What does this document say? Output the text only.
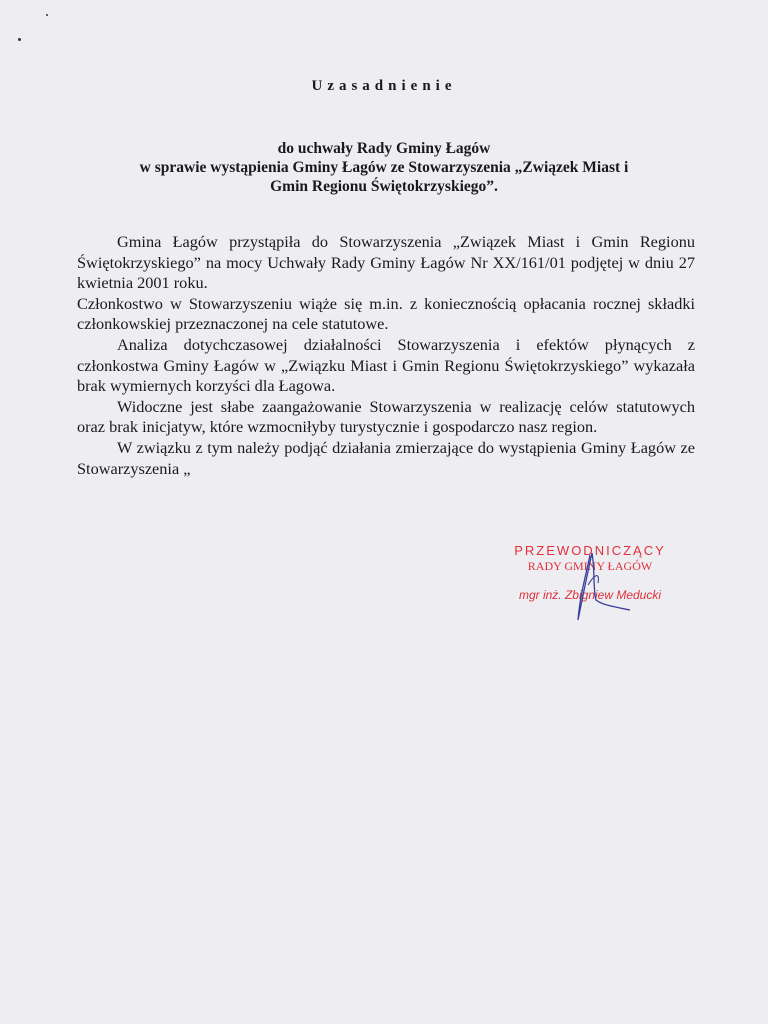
Uzasadnienie
do uchwały Rady Gminy Łagów
w sprawie wystąpienia Gminy Łagów ze Stowarzyszenia „Związek Miast i
Gmin Regionu Świętokrzyskiego”.

Gmina Łagów przystąpiła do Stowarzyszenia „Związek Miast i Gmin Regionu Świętokrzyskiego” na mocy Uchwały Rady Gminy Łagów Nr XX/161/01 podjętej w dniu 27 kwietnia 2001 roku.

Członkostwo w Stowarzyszeniu wiąże się m.in. z koniecznością opłacania rocznej składki członkowskiej przeznaczonej na cele statutowe.

Analiza dotychczasowej działalności Stowarzyszenia i efektów płynących z członkostwa Gminy Łagów w „Związku Miast i Gmin Regionu Świętokrzyskiego” wykazała brak wymiernych korzyści dla Łagowa.

Widoczne jest słabe zaangażowanie Stowarzyszenia w realizację celów statutowych oraz brak inicjatyw, które wzmocniłyby turystycznie i gospodarczo nasz region.

W związku z tym należy podjąć działania zmierzające do wystąpienia Gminy Łagów ze Stowarzyszenia „

PRZEWODNICZĄCY
RADY GMINY ŁAGÓW
mgr inż. Zbigniew Meducki
